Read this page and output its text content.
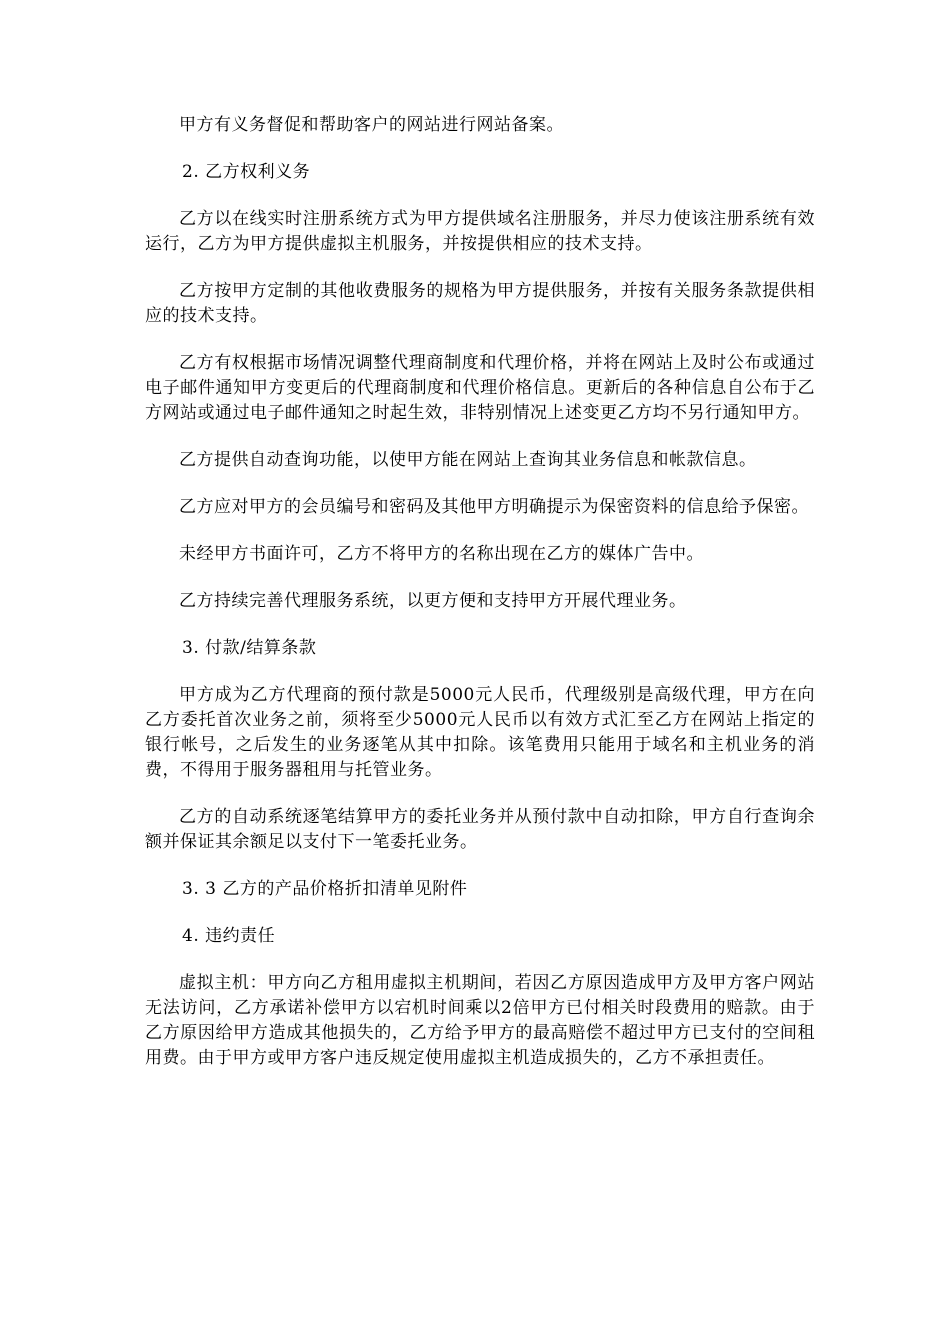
甲方有义务督促和帮助客户的网站进行网站备案。

2. 乙方权利义务

乙方以在线实时注册系统方式为甲方提供域名注册服务，并尽力使该注册系统有效运行，乙方为甲方提供虚拟主机服务，并按提供相应的技术支持。

乙方按甲方定制的其他收费服务的规格为甲方提供服务，并按有关服务条款提供相应的技术支持。

乙方有权根据市场情况调整代理商制度和代理价格，并将在网站上及时公布或通过电子邮件通知甲方变更后的代理商制度和代理价格信息。更新后的各种信息自公布于乙方网站或通过电子邮件通知之时起生效，非特别情况上述变更乙方均不另行通知甲方。

乙方提供自动查询功能，以使甲方能在网站上查询其业务信息和帐款信息。

乙方应对甲方的会员编号和密码及其他甲方明确提示为保密资料的信息给予保密。

未经甲方书面许可，乙方不将甲方的名称出现在乙方的媒体广告中。

乙方持续完善代理服务系统，以更方便和支持甲方开展代理业务。

3. 付款/结算条款

甲方成为乙方代理商的预付款是5000元人民币，代理级别是高级代理，甲方在向乙方委托首次业务之前，须将至少5000元人民币以有效方式汇至乙方在网站上指定的银行帐号，之后发生的业务逐笔从其中扣除。该笔费用只能用于域名和主机业务的消费，不得用于服务器租用与托管业务。

乙方的自动系统逐笔结算甲方的委托业务并从预付款中自动扣除，甲方自行查询余额并保证其余额足以支付下一笔委托业务。

3. 3 乙方的产品价格折扣清单见附件

4. 违约责任

虚拟主机：甲方向乙方租用虚拟主机期间，若因乙方原因造成甲方及甲方客户网站无法访问，乙方承诺补偿甲方以宕机时间乘以2倍甲方已付相关时段费用的赔款。由于乙方原因给甲方造成其他损失的，乙方给予甲方的最高赔偿不超过甲方已支付的空间租用费。由于甲方或甲方客户违反规定使用虚拟主机造成损失的，乙方不承担责任。
